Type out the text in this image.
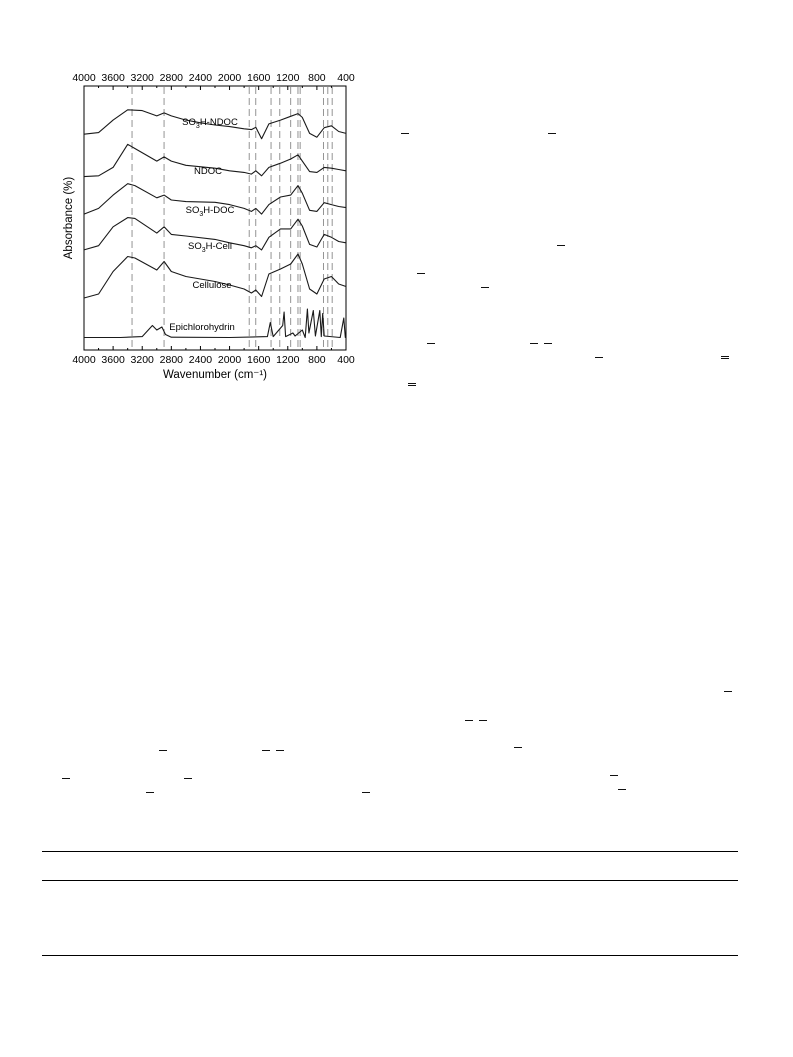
4000 3600 3200 2800 2400 2000 1600 1200 800 400
$SO_3H$-NDOC
NDOC
$SO_3H$-DOC
$SO_3H$-Cell
Cellulose
Epichlorohydrin
4000 3600 3200 2800 2400 2000 1600 1200 800 400
Wavenumber (cm⁻¹)
Absorbance (%)
